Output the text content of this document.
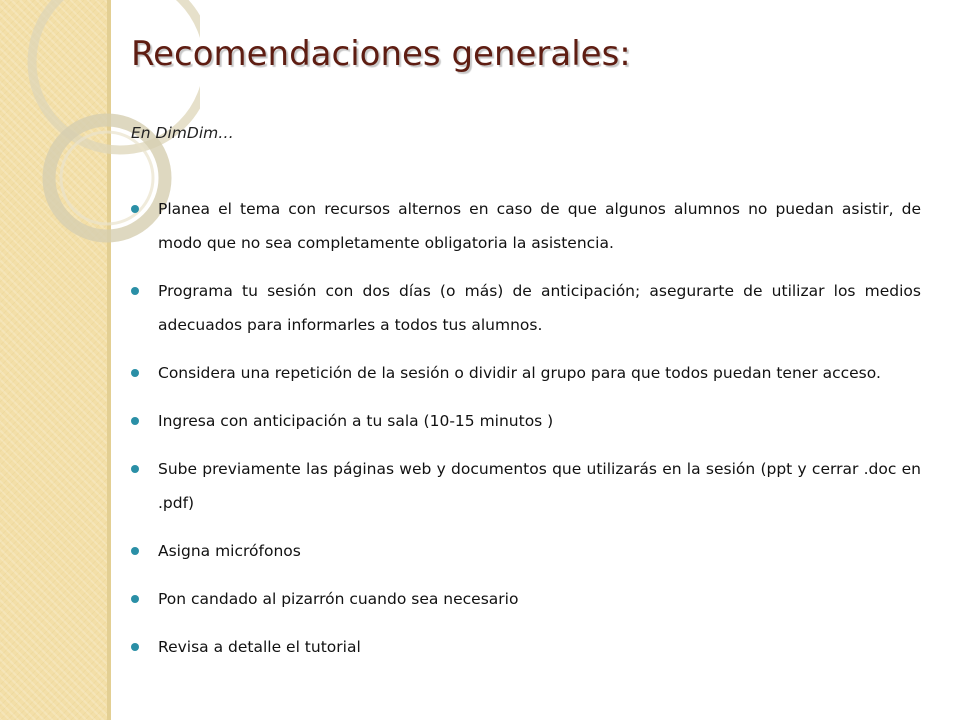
Recomendaciones generales:
En DimDim…
Planea el tema con recursos alternos en caso de que algunos alumnos no puedan asistir, de modo que no sea completamente obligatoria la asistencia.
Programa tu sesión con dos días (o más) de anticipación; asegurarte de utilizar los medios adecuados para informarles a todos tus alumnos.
Considera una repetición de la sesión o dividir al grupo para que todos puedan tener acceso.
Ingresa con anticipación a tu sala (10-15 minutos )
Sube previamente las páginas web y documentos que utilizarás en la sesión (ppt y cerrar .doc en .pdf)
Asigna micrófonos
Pon candado al pizarrón cuando sea necesario
Revisa a detalle el tutorial
